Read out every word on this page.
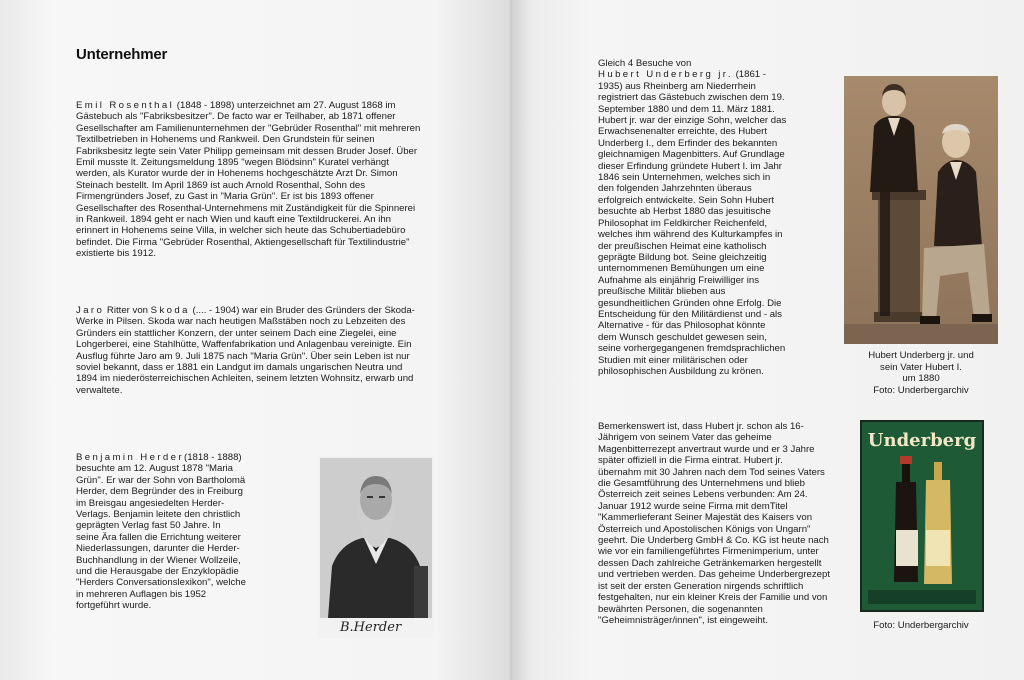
Unternehmer

Emil Rosenthal (1848 - 1898) unterzeichnet am 27. August 1868 im
Gästebuch als "Fabriksbesitzer". De facto war er Teilhaber, ab 1871 offener
Gesellschafter am Familienunternehmen der "Gebrüder Rosenthal" mit mehreren
Textilbetrieben in Hohenems und Rankweil. Den Grundstein für seinen
Fabriksbesitz legte sein Vater Philipp gemeinsam mit dessen Bruder Josef. Über
Emil musste lt. Zeitungsmeldung 1895 "wegen Blödsinn" Kuratel verhängt
werden, als Kurator wurde der in Hohenems hochgeschätzte Arzt Dr. Simon
Steinach bestellt. Im April 1869 ist auch Arnold Rosenthal, Sohn des
Firmengründers Josef, zu Gast in "Maria Grün". Er ist bis 1893 offener
Gesellschafter des Rosenthal-Unternehmens mit Zuständigkeit für die Spinnerei
in Rankweil. 1894 geht er nach Wien und kauft eine Textildruckerei. An ihn
erinnert in Hohenems seine Villa, in welcher sich heute das Schubertiadebüro
befindet. Die Firma "Gebrüder Rosenthal, Aktiengesellschaft für Textilindustrie"
existierte bis 1912.

Jaro Ritter von Skoda (.... - 1904) war ein Bruder des Gründers der Skoda-
Werke in Pilsen. Skoda war nach heutigen Maßstäben noch zu Lebzeiten des
Gründers ein stattlicher Konzern, der unter seinem Dach eine Ziegelei, eine
Lohgerberei, eine Stahlhütte, Waffenfabrikation und Anlagenbau vereinigte. Ein
Ausflug führte Jaro am 9. Juli 1875 nach "Maria Grün". Über sein Leben ist nur
soviel bekannt, dass er 1881 ein Landgut im damals ungarischen Neutra und
1894 im niederösterreichischen Achleiten, seinem letzten Wohnsitz, erwarb und
verwaltete.

Benjamin Herder(1818 - 1888)
besuchte am 12. August 1878 "Maria
Grün". Er war der Sohn von Bartholomä
Herder, dem Begründer des in Freiburg
im Breisgau angesiedelten Herder-
Verlags. Benjamin leitete den christlich
geprägten Verlag fast 50 Jahre. In
seine Ära fallen die Errichtung weiterer
Niederlassungen, darunter die Herder-
Buchhandlung in der Wiener Wollzeile,
und die Herausgabe der Enzyklopädie
"Herders Conversationslexikon", welche
in mehreren Auflagen bis 1952
fortgeführt wurde.

B.Herder

Gleich 4 Besuche von
Hubert Underberg jr. (1861 -
1935) aus Rheinberg am Niederrhein
registriert das Gästebuch zwischen dem 19.
September 1880 und dem 11. März 1881.
Hubert jr. war der einzige Sohn, welcher das
Erwachsenenalter erreichte, des Hubert
Underberg I., dem Erfinder des bekannten
gleichnamigen Magenbitters. Auf Grundlage
dieser Erfindung gründete Hubert I. im Jahr
1846 sein Unternehmen, welches sich in
den folgenden Jahrzehnten überaus
erfolgreich entwickelte. Sein Sohn Hubert
besuchte ab Herbst 1880 das jesuitische
Philosophat im Feldkircher Reichenfeld,
welches ihm während des Kulturkampfes in
der preußischen Heimat eine katholisch
geprägte Bildung bot. Seine gleichzeitig
unternommenen Bemühungen um eine
Aufnahme als einjährig Freiwilliger ins
preußische Militär blieben aus
gesundheitlichen Gründen ohne Erfolg. Die
Entscheidung für den Militärdienst und - als
Alternative - für das Philosophat könnte
dem Wunsch geschuldet gewesen sein,
seine vorhergegangenen fremdsprachlichen
Studien mit einer militärischen oder
philosophischen Ausbildung zu krönen.

Hubert Underberg jr. und
sein Vater Hubert I.
um 1880
Foto: Underbergarchiv

Bemerkenswert ist, dass Hubert jr. schon als 16-
Jährigem von seinem Vater das geheime
Magenbitterrezept anvertraut wurde und er 3 Jahre
später offiziell in die Firma eintrat. Hubert jr.
übernahm mit 30 Jahren nach dem Tod seines Vaters
die Gesamtführung des Unternehmens und blieb
Österreich zeit seines Lebens verbunden: Am 24.
Januar 1912 wurde seine Firma mit demTitel
"Kammerlieferant Seiner Majestät des Kaisers von
Österreich und Apostolischen Königs von Ungarn"
geehrt. Die Underberg GmbH & Co. KG ist heute nach
wie vor ein familiengeführtes Firmenimperium, unter
dessen Dach zahlreiche Getränkemarken hergestellt
und vertrieben werden. Das geheime Underbergrezept
ist seit der ersten Generation nirgends schriftlich
festgehalten, nur ein kleiner Kreis der Familie und von
bewährten Personen, die sogenannten
"Geheimnisträger/innen", ist eingeweiht.

Underberg
Foto: Underbergarchiv
